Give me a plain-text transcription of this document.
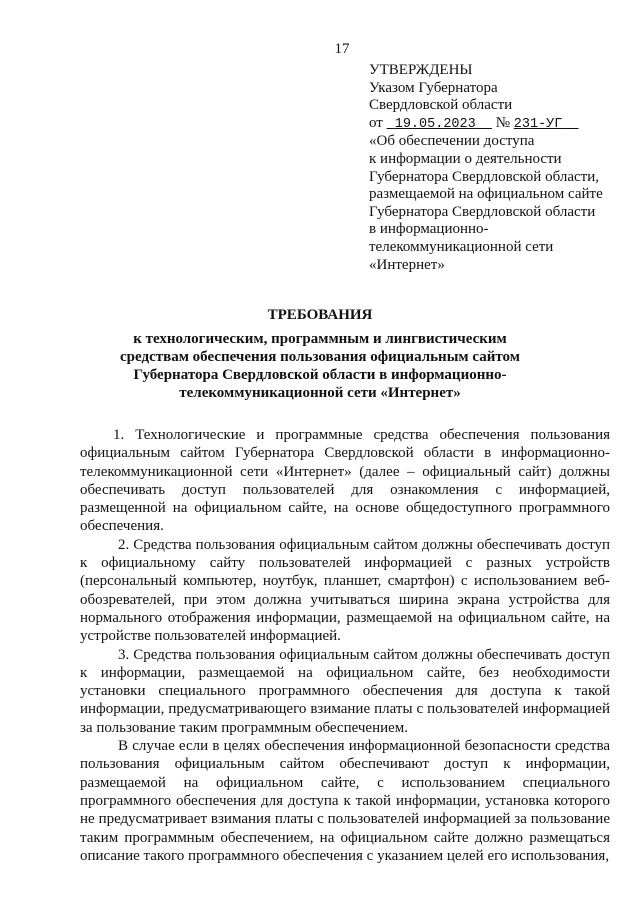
17
УТВЕРЖДЕНЫ
Указом Губернатора
Свердловской области
от 19.05.2023 № 231-УГ
«Об обеспечении доступа
к информации о деятельности
Губернатора Свердловской области,
размещаемой на официальном сайте
Губернатора Свердловской области
в информационно-
телекоммуникационной сети
«Интернет»
ТРЕБОВАНИЯ
к технологическим, программным и лингвистическим средствам обеспечения пользования официальным сайтом Губернатора Свердловской области в информационно-телекоммуникационной сети «Интернет»

1. Технологические и программные средства обеспечения пользования официальным сайтом Губернатора Свердловской области в информационно-телекоммуникационной сети «Интернет» (далее – официальный сайт) должны обеспечивать доступ пользователей для ознакомления с информацией, размещенной на официальном сайте, на основе общедоступного программного обеспечения.

2. Средства пользования официальным сайтом должны обеспечивать доступ к официальному сайту пользователей информацией с разных устройств (персональный компьютер, ноутбук, планшет, смартфон) с использованием веб-обозревателей, при этом должна учитываться ширина экрана устройства для нормального отображения информации, размещаемой на официальном сайте, на устройстве пользователей информацией.

3. Средства пользования официальным сайтом должны обеспечивать доступ к информации, размещаемой на официальном сайте, без необходимости установки специального программного обеспечения для доступа к такой информации, предусматривающего взимание платы с пользователей информацией за пользование таким программным обеспечением.

В случае если в целях обеспечения информационной безопасности средства пользования официальным сайтом обеспечивают доступ к информации, размещаемой на официальном сайте, с использованием специального программного обеспечения для доступа к такой информации, установка которого не предусматривает взимания платы с пользователей информацией за пользование таким программным обеспечением, на официальном сайте должно размещаться описание такого программного обеспечения с указанием целей его использования,
